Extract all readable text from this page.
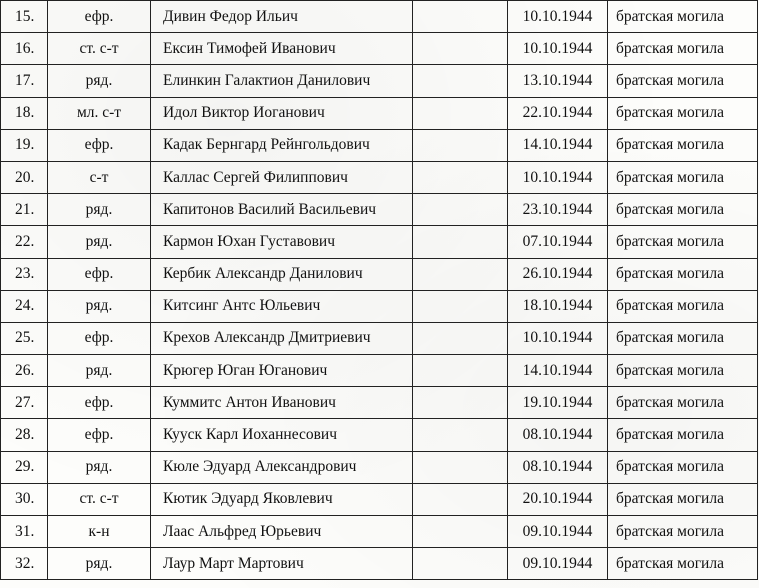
15.	ефр.	Дивин Федор Ильич		10.10.1944	братская могила
16.	ст. с-т	Ексин Тимофей Иванович		10.10.1944	братская могила
17.	ряд.	Елинкин Галактион Данилович		13.10.1944	братская могила
18.	мл. с-т	Идол Виктор Иоганович		22.10.1944	братская могила
19.	ефр.	Кадак Бернгард Рейнгольдович		14.10.1944	братская могила
20.	с-т	Каллас Сергей Филиппович		10.10.1944	братская могила
21.	ряд.	Капитонов Василий Васильевич		23.10.1944	братская могила
22.	ряд.	Кармон Юхан Густавович		07.10.1944	братская могила
23.	ефр.	Кербик Александр Данилович		26.10.1944	братская могила
24.	ряд.	Китсинг Антс Юльевич		18.10.1944	братская могила
25.	ефр.	Крехов Александр Дмитриевич		10.10.1944	братская могила
26.	ряд.	Крюгер Юган Юганович		14.10.1944	братская могила
27.	ефр.	Куммитс Антон Иванович		19.10.1944	братская могила
28.	ефр.	Кууск Карл Иоханнесович		08.10.1944	братская могила
29.	ряд.	Кюле Эдуард Александрович		08.10.1944	братская могила
30.	ст. с-т	Кютик Эдуард Яковлевич		20.10.1944	братская могила
31.	к-н	Лаас Альфред Юрьевич		09.10.1944	братская могила
32.	ряд.	Лаур Март Мартович		09.10.1944	братская могила
